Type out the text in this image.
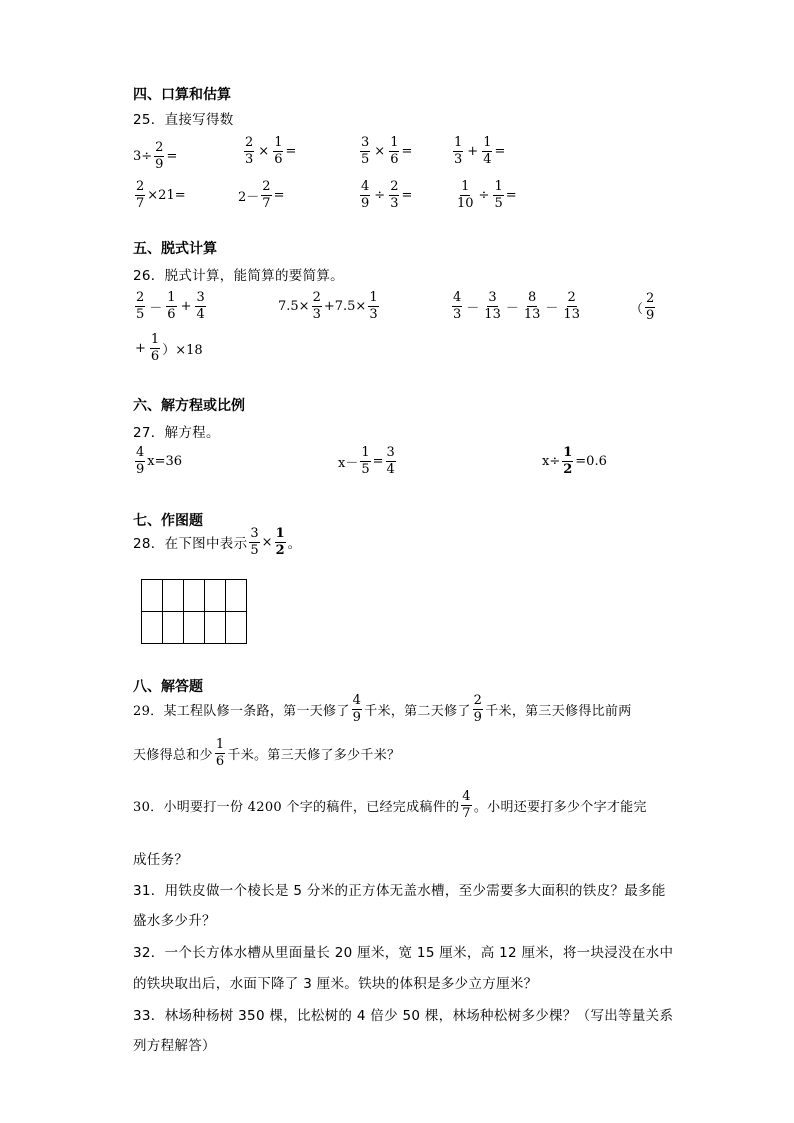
四、口算和估算
25．直接写得数
$3\div \frac{2}{9}$ =	$\frac{2}{3} \times \frac{1}{6}$ =	$\frac{3}{5} \times \frac{1}{6}$ =	$\frac{1}{3} + \frac{1}{4}$ =
$\frac{2}{7} \times 21=$	$2- \frac{2}{7}$ =	$\frac{4}{9} \div \frac{2}{3}$ =	$\frac{1}{10} \div \frac{1}{5}$ =
五、脱式计算
26．脱式计算，能简算的要简算。
$\frac{2}{5} - \frac{1}{6} + \frac{3}{4}$	$7.5\times \frac{2}{3} +7.5\times \frac{1}{3}$	$\frac{4}{3} - \frac{3}{13} - \frac{8}{13} - \frac{2}{13}$	（ $\frac{2}{9}$
+ $\frac{1}{6} )\times 18$
六、解方程或比例
27．解方程。
$\frac{4}{9} x=36$	$x- \frac{1}{5} = \frac{3}{4}$	$x\div \frac{1}{2} =0.6$
七、作图题
28．在下图中表示 $\frac{3}{5} \times \frac{1}{2}$ 。

八、解答题
29．某工程队修一条路，第一天修了 $\frac{4}{9}$ 千米，第二天修了 $\frac{2}{9}$ 千米，第三天修得比前两
天修得总和少 $\frac{1}{6}$ 千米。第三天修了多少千米？
30．小明要打一份 4200 个字的稿件，已经完成稿件的 $\frac{4}{7}$ 。小明还要打多少个字才能完
成任务？
31．用铁皮做一个棱长是 5 分米的正方体无盖水槽，至少需要多大面积的铁皮？最多能
盛水多少升？
32．一个长方体水槽从里面量长 20 厘米，宽 15 厘米，高 12 厘米，将一块浸没在水中
的铁块取出后，水面下降了 3 厘米。铁块的体积是多少立方厘米？
33．林场种杨树 350 棵，比松树的 4 倍少 50 棵，林场种松树多少棵？（写出等量关系
列方程解答）
